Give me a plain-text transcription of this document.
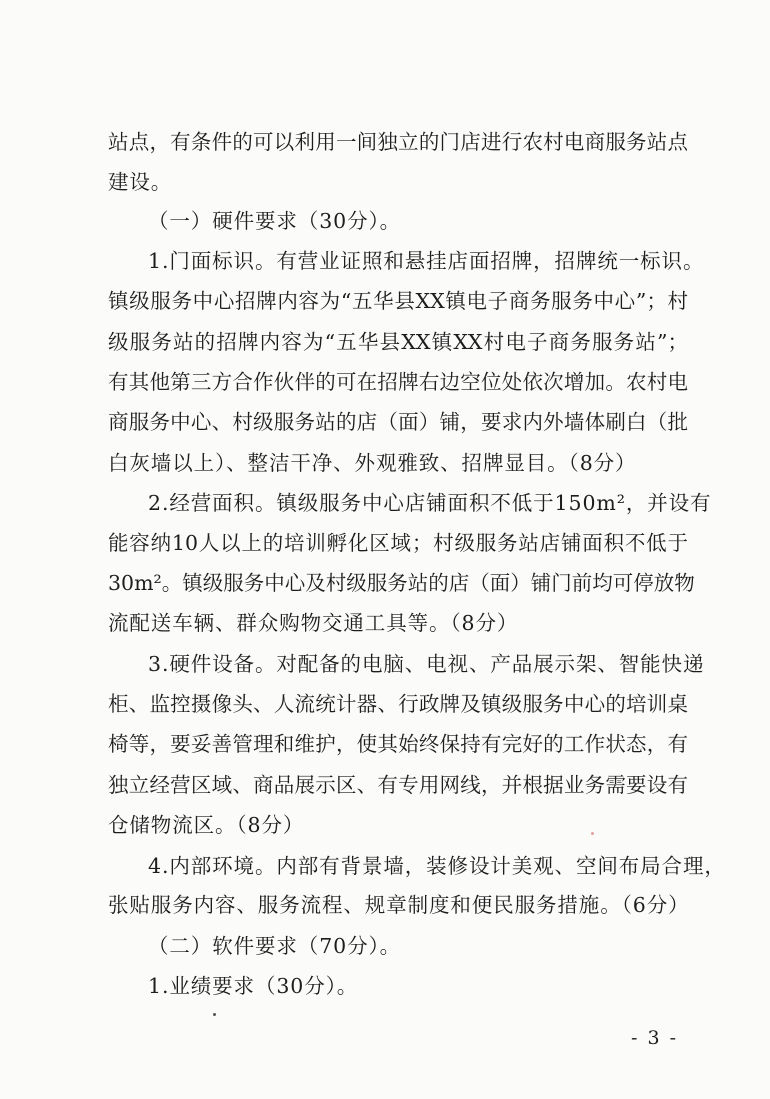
站点，有条件的可以利用一间独立的门店进行农村电商服务站点
建设。
（一）硬件要求（30分）。
1.门面标识。有营业证照和悬挂店面招牌，招牌统一标识。
镇级服务中心招牌内容为“五华县XX镇电子商务服务中心”；村
级服务站的招牌内容为“五华县XX镇XX村电子商务服务站”；
有其他第三方合作伙伴的可在招牌右边空位处依次增加。农村电
商服务中心、村级服务站的店（面）铺，要求内外墙体刷白（批
白灰墙以上）、整洁干净、外观雅致、招牌显目。（8分）
2.经营面积。镇级服务中心店铺面积不低于150m²，并设有
能容纳10人以上的培训孵化区域；村级服务站店铺面积不低于
30m²。镇级服务中心及村级服务站的店（面）铺门前均可停放物
流配送车辆、群众购物交通工具等。（8分）
3.硬件设备。对配备的电脑、电视、产品展示架、智能快递
柜、监控摄像头、人流统计器、行政牌及镇级服务中心的培训桌
椅等，要妥善管理和维护，使其始终保持有完好的工作状态，有
独立经营区域、商品展示区、有专用网线，并根据业务需要设有
仓储物流区。（8分）
4.内部环境。内部有背景墙，装修设计美观、空间布局合理，
张贴服务内容、服务流程、规章制度和便民服务措施。（6分）
（二）软件要求（70分）。
1.业绩要求（30分）。
- 3 -
